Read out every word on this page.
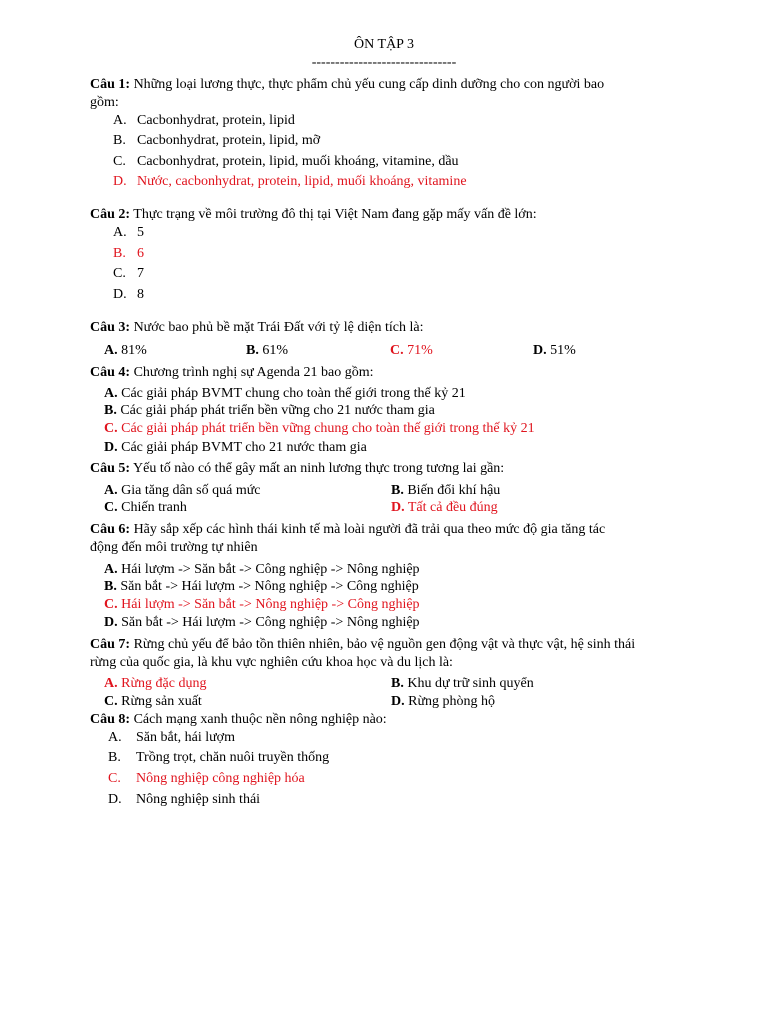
ÔN TẬP 3
-------------------------------
Câu 1: Những loại lương thực, thực phẩm chủ yếu cung cấp dinh dưỡng cho con người bao
gồm:
A. Cacbonhydrat, protein, lipid
B. Cacbonhydrat, protein, lipid, mỡ
C. Cacbonhydrat, protein, lipid, muối khoáng, vitamine, dầu
D. Nước, cacbonhydrat, protein, lipid, muối khoáng, vitamine
Câu 2: Thực trạng về môi trường đô thị tại Việt Nam đang gặp mấy vấn đề lớn:
A. 5
B. 6
C. 7
D. 8
Câu 3: Nước bao phủ bề mặt Trái Đất với tỷ lệ diện tích là:
A. 81%	B. 61%	C. 71%	D. 51%
Câu 4: Chương trình nghị sự Agenda 21 bao gồm:
A. Các giải pháp BVMT chung cho toàn thế giới trong thế kỷ 21
B. Các giải pháp phát triển bền vững cho 21 nước tham gia
C. Các giải pháp phát triển bền vững chung cho toàn thế giới trong thế kỷ 21
D. Các giải pháp BVMT cho 21 nước tham gia
Câu 5: Yếu tố nào có thể gây mất an ninh lương thực trong tương lai gần:
A. Gia tăng dân số quá mức	B. Biến đổi khí hậu
C. Chiến tranh	D. Tất cả đều đúng
Câu 6: Hãy sắp xếp các hình thái kinh tế mà loài người đã trải qua theo mức độ gia tăng tác
động đến môi trường tự nhiên
A. Hái lượm -> Săn bắt -> Công nghiệp -> Nông nghiệp
B. Săn bắt -> Hái lượm -> Nông nghiệp -> Công nghiệp
C. Hái lượm -> Săn bắt -> Nông nghiệp -> Công nghiệp
D. Săn bắt -> Hái lượm -> Công nghiệp -> Nông nghiệp
Câu 7: Rừng chủ yếu để bảo tồn thiên nhiên, bảo vệ nguồn gen động vật và thực vật, hệ sinh thái
rừng của quốc gia, là khu vực nghiên cứu khoa học và du lịch là:
A. Rừng đặc dụng	B. Khu dự trữ sinh quyển
C. Rừng sản xuất	D. Rừng phòng hộ
Câu 8: Cách mạng xanh thuộc nền nông nghiệp nào:
A. Săn bắt, hái lượm
B. Trồng trọt, chăn nuôi truyền thống
C. Nông nghiệp công nghiệp hóa
D. Nông nghiệp sinh thái
